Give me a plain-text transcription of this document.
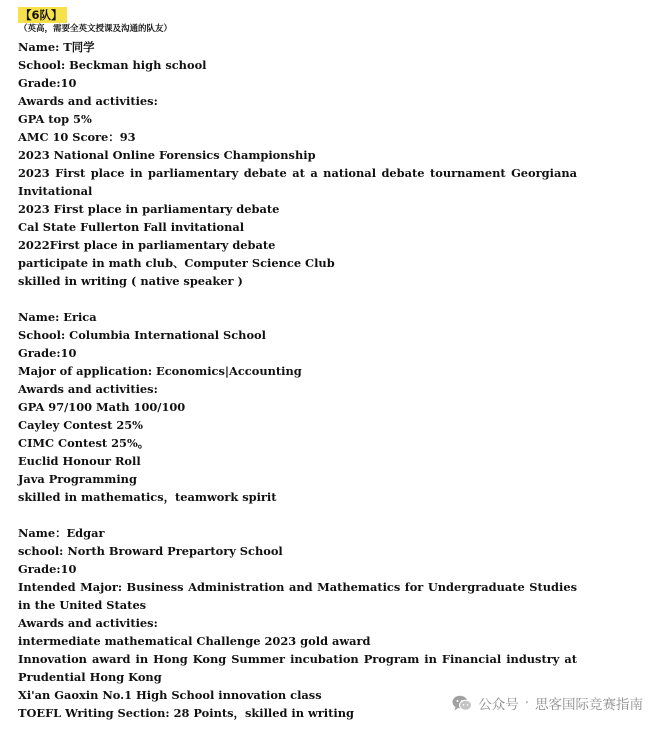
【6队】
（英高，需要全英文授课及沟通的队友）
Name: T同学
School: Beckman high school
Grade:10
Awards and activities:
GPA top 5%
AMC 10 Score：93
2023 National Online Forensics Championship
2023 First place in parliamentary debate at a national debate tournament Georgiana Invitational
2023 First place in parliamentary debate
Cal State Fullerton Fall invitational
2022First place in parliamentary debate
participate in math club、Computer Science Club
skilled in writing ( native speaker )
Name: Erica
School: Columbia International School
Grade:10
Major of application: Economics|Accounting
Awards and activities:
GPA 97/100 Math 100/100
Cayley Contest 25%
CIMC Contest 25%。
Euclid Honour Roll
Java Programming
skilled in mathematics，teamwork spirit
Name：Edgar
school: North Broward Prepartory School
Grade:10
Intended Major: Business Administration and Mathematics for Undergraduate Studies in the United States
Awards and activities:
intermediate mathematical Challenge 2023 gold award
Innovation award in Hong Kong Summer incubation Program in Financial industry at Prudential Hong Kong
Xi'an Gaoxin No.1 High School innovation class
TOEFL Writing Section: 28 Points，skilled in writing	公众号 · 思客国际竞赛指南
